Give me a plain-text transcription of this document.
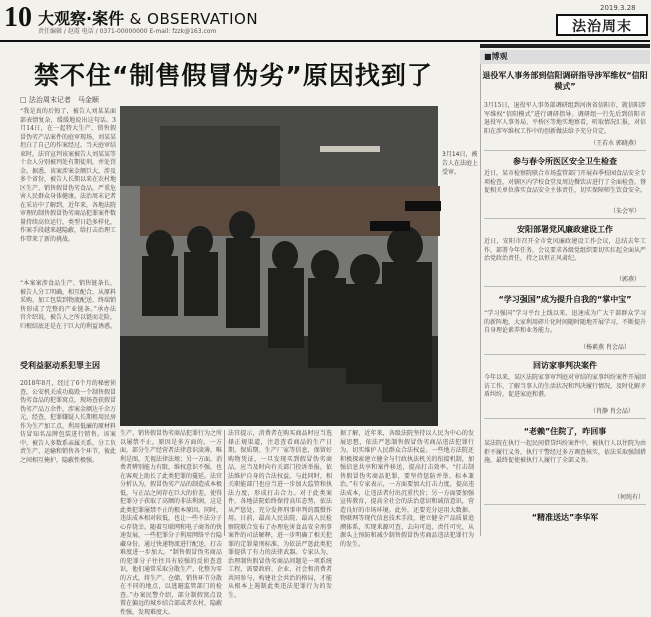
10 大观察·案件 & OBSERVATION
责任编辑 / 赵霞 电话 / 0371-00000000 E-mail: fzzk@163.com
2019.3.28
法治周末
禁不住“制售假冒伪劣”原因找到了
□ 法治周末记者　马金顺
“我是真的后悔了，被告人刘某某面部表情复杂，缓缓地说出这句话。3月14日，在一起特大生产、销售假冒伪劣产品案件的庭审现场，刘某某坦白了自己的作案经过。当天庭审结束时，法官宣判该案被告人刘某某等十余人分别被判处有期徒刑，并处罚金。据悉，该案涉案金额巨大，涉及多个省份，被告人长期以来在农村地区生产、销售假冒伪劣食品，严重危害人民群众身体健康。法治周末记者在采访中了解到，近年来，各地法院审理的制售假冒伪劣商品犯罪案件数量持续高位运行，类型日趋多样化，作案手段越来越隐蔽，给打击治理工作带来了新的挑战。
“本案案涉食品生产、销售链条长，被告人分工明确，相互配合，从原料采购、加工包装到物流配送、终端销售形成了完整的产业链条。”承办法官介绍说，被告人之所以铤而走险，归根结底还是在于巨大的利益诱惑。
受利益驱动系犯罪主因
2018年8月，经过了6个月的秘密侦查，公安机关成功捣毁一个制售假冒伪劣食品的犯罪窝点，现场查获假冒伪劣产品万余件，涉案金额达千余万元。经查，犯罪嫌疑人长期租用民房作为生产加工点，利用低廉的原材料仿冒知名品牌包装进行销售。该案中，被告人多数系亲属关系，分工负责生产、运输和销售各个环节，彼此之间相互掩护，隐蔽性极强。
3月14日，被告人在法庭上受审。
生产、销售假冒伪劣商品犯罪行为之所以屡禁不止，原因是多方面的。一方面，部分生产经营者法律意识淡薄，唯利是图，无视法律法规；另一方面，消费者辨别能力有限，维权意识不强，也在客观上助长了此类犯罪的蔓延。法官分析认为，假冒伪劣产品的制造成本极低，与正品之间存在巨大的价差，使得犯罪分子获取了高额的非法利润，这是此类犯罪屡禁不止的根本原因。同时，违法成本相对较低，也让一些不法分子心存侥幸。随着互联网和电子商务的快速发展，一些犯罪分子利用网络平台隐藏身份，通过快递物流进行配送，打击难度进一步加大。“制售假冒伪劣商品的犯罪分子往往具有较强的反侦查意识，他们通常采取分散生产、化整为零的方式，将生产、仓储、销售环节分散在不同的地点，以逃避监管部门的检查。”办案民警介绍，部分制假窝点设置在偏远的城乡结合部或者农村，隐蔽性强，发现难度大。
法官提示，消费者在购买商品时应当选择正规渠道，注意查看商品的生产日期、保质期、生产厂家等信息，保留好购物凭证，一旦发现买到假冒伪劣商品，应当及时向有关部门投诉举报，依法维护自身的合法权益。与此同时，相关职能部门也应当进一步加大监管和执法力度，形成打击合力。对于此类案件，各地法院始终保持高压态势，依法从严惩处，充分发挥刑事审判的震慑作用。日前，最高人民法院、最高人民检察院联合发布了办理危害食品安全刑事案件的司法解释，进一步明确了相关犯罪的定罪量刑标准，为依法严惩此类犯罪提供了有力的法律武器。专家认为，治理制售假冒伪劣商品问题是一项系统工程，需要政府、企业、社会和消费者共同参与，构建社会共治的格局，才能从根本上遏制此类违法犯罪行为的发生。
据了解，近年来，各级法院坚持以人民为中心的发展思想，依法严惩制售假冒伪劣商品违法犯罪行为，切实维护人民群众合法权益。一些地方法院还积极探索建立健全与行政执法机关的衔接机制，加强信息共享和案件移送，提高打击效率。“打击制售假冒伪劣商品犯罪，要坚持惩防并举、标本兼治。”有专家表示，一方面要加大打击力度，提高违法成本，让违法者付出沉重代价；另一方面要加强宣传教育，提高全社会的法治意识和诚信意识，营造良好的市场环境。此外，还要充分运用大数据、物联网等现代信息技术手段，建立健全产品质量追溯体系，实现来源可查、去向可追、责任可究，从源头上预防和减少制售假冒伪劣商品违法犯罪行为的发生。
■博观
退役军人事务部到信阳调研指导涉军维权“信阳模式”
3月15日，退役军人事务部调研组到河南省信阳市，就信阳涉军维权“信阳模式”进行调研指导。调研组一行先后到信阳市退役军人事务局、平桥区等地实地察看，听取情况汇报，对信阳在涉军维权工作中的创新做法给予充分肯定。
（王若水 郭晓燕）
参与春令所医区安全卫生检查
近日，某市检察院联合市场监管部门开展春季校园食品安全专项检查，对辖区内学校食堂及周边餐饮店进行了全面检查，督促相关单位落实食品安全主体责任，切实保障师生饮食安全。
（朱会军）
安阳部署党风廉政建设工作
近日，安阳市召开全市党风廉政建设工作会议，总结去年工作，部署今年任务，会议要求各级党组织要切实扛起全面从严治党政治责任，持之以恒正风肃纪。
（郭燕）
“学习强国”成为提升自我的“掌中宝”
“学习强国”学习平台上线以来，迅速成为广大干部群众学习的新阵地，大家利用碎片化时间随时随地开展学习，不断提升自身理论素养和业务能力。
（杨素燕 肖会品）
回访家事判决案件
今年以来，某区法院家事审判庭对审结的家事纠纷案件开展回访工作，了解当事人的生活状况和判决履行情况，及时化解矛盾纠纷，促进家庭和谐。
（肖静 肖会品）
“老赖”住院了，咋回事
某法院在执行一起民间借贷纠纷案件中，被执行人以住院为由拒不履行义务，执行干警经过多方调查核实，依法采取强制措施，最终促使被执行人履行了全部义务。
（何纯有）
“精准送达”李华军
